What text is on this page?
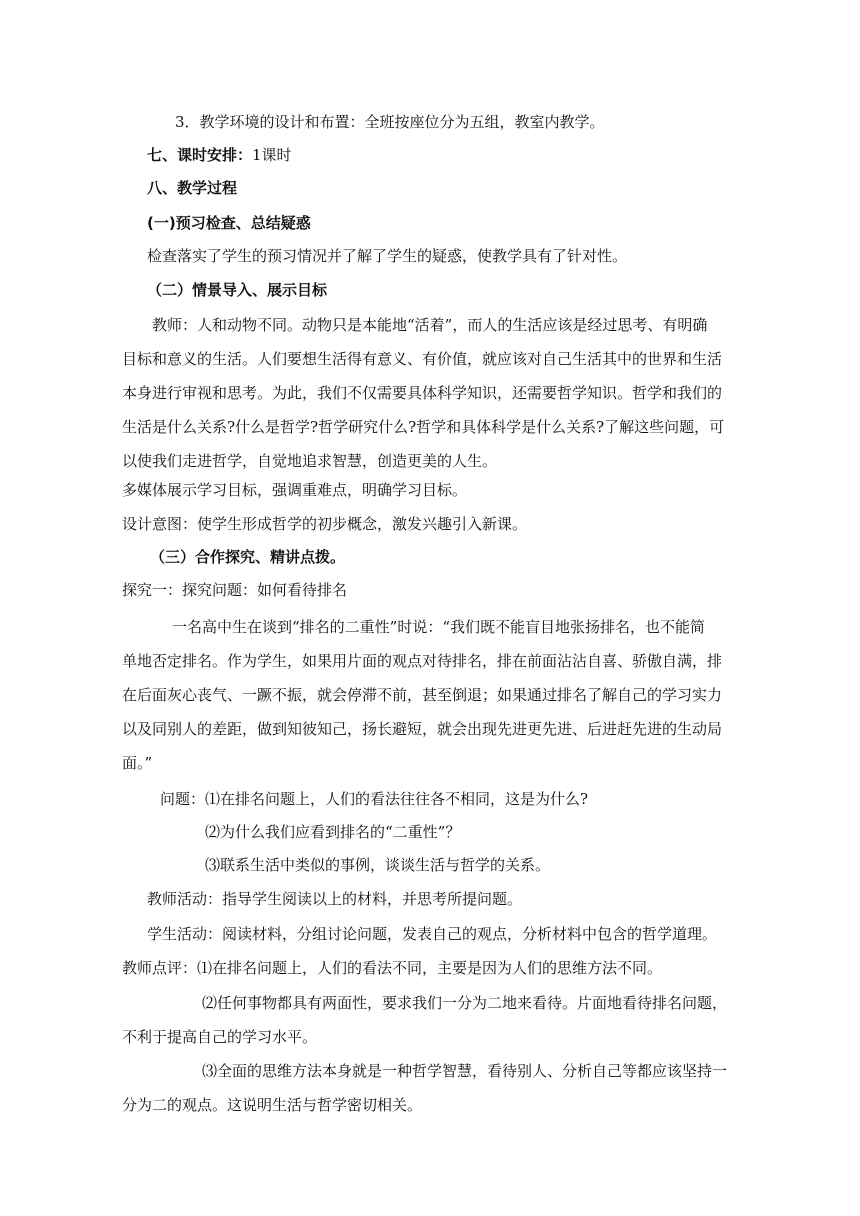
3．教学环境的设计和布置：全班按座位分为五组，教室内教学。
七、课时安排：1课时
八、教学过程
(一)预习检查、总结疑惑
检查落实了学生的预习情况并了解了学生的疑惑，使教学具有了针对性。
（二）情景导入、展示目标
教师：人和动物不同。动物只是本能地“活着”，而人的生活应该是经过思考、有明确
目标和意义的生活。人们要想生活得有意义、有价值，就应该对自己生活其中的世界和生活
本身进行审视和思考。为此，我们不仅需要具体科学知识，还需要哲学知识。哲学和我们的
生活是什么关系?什么是哲学?哲学研究什么?哲学和具体科学是什么关系?了解这些问题，可
以使我们走进哲学，自觉地追求智慧，创造更美的人生。
多媒体展示学习目标，强调重难点，明确学习目标。
设计意图：使学生形成哲学的初步概念，激发兴趣引入新课。
（三）合作探究、精讲点拨。
探究一：探究问题：如何看待排名
一名高中生在谈到“排名的二重性”时说：“我们既不能盲目地张扬排名，也不能简
单地否定排名。作为学生，如果用片面的观点对待排名，排在前面沾沾自喜、骄傲自满，排
在后面灰心丧气、一蹶不振，就会停滞不前，甚至倒退；如果通过排名了解自己的学习实力
以及同别人的差距，做到知彼知己，扬长避短，就会出现先进更先进、后进赶先进的生动局
面。”
问题：⑴在排名问题上，人们的看法往往各不相同，这是为什么?
⑵为什么我们应看到排名的“二重性”？
⑶联系生活中类似的事例，谈谈生活与哲学的关系。
教师活动：指导学生阅读以上的材料，并思考所提问题。
学生活动：阅读材料，分组讨论问题，发表自己的观点，分析材料中包含的哲学道理。
教师点评：⑴在排名问题上，人们的看法不同，主要是因为人们的思维方法不同。
⑵任何事物都具有两面性，要求我们一分为二地来看待。片面地看待排名问题，
不利于提高自己的学习水平。
⑶全面的思维方法本身就是一种哲学智慧，看待别人、分析自己等都应该坚持一
分为二的观点。这说明生活与哲学密切相关。
